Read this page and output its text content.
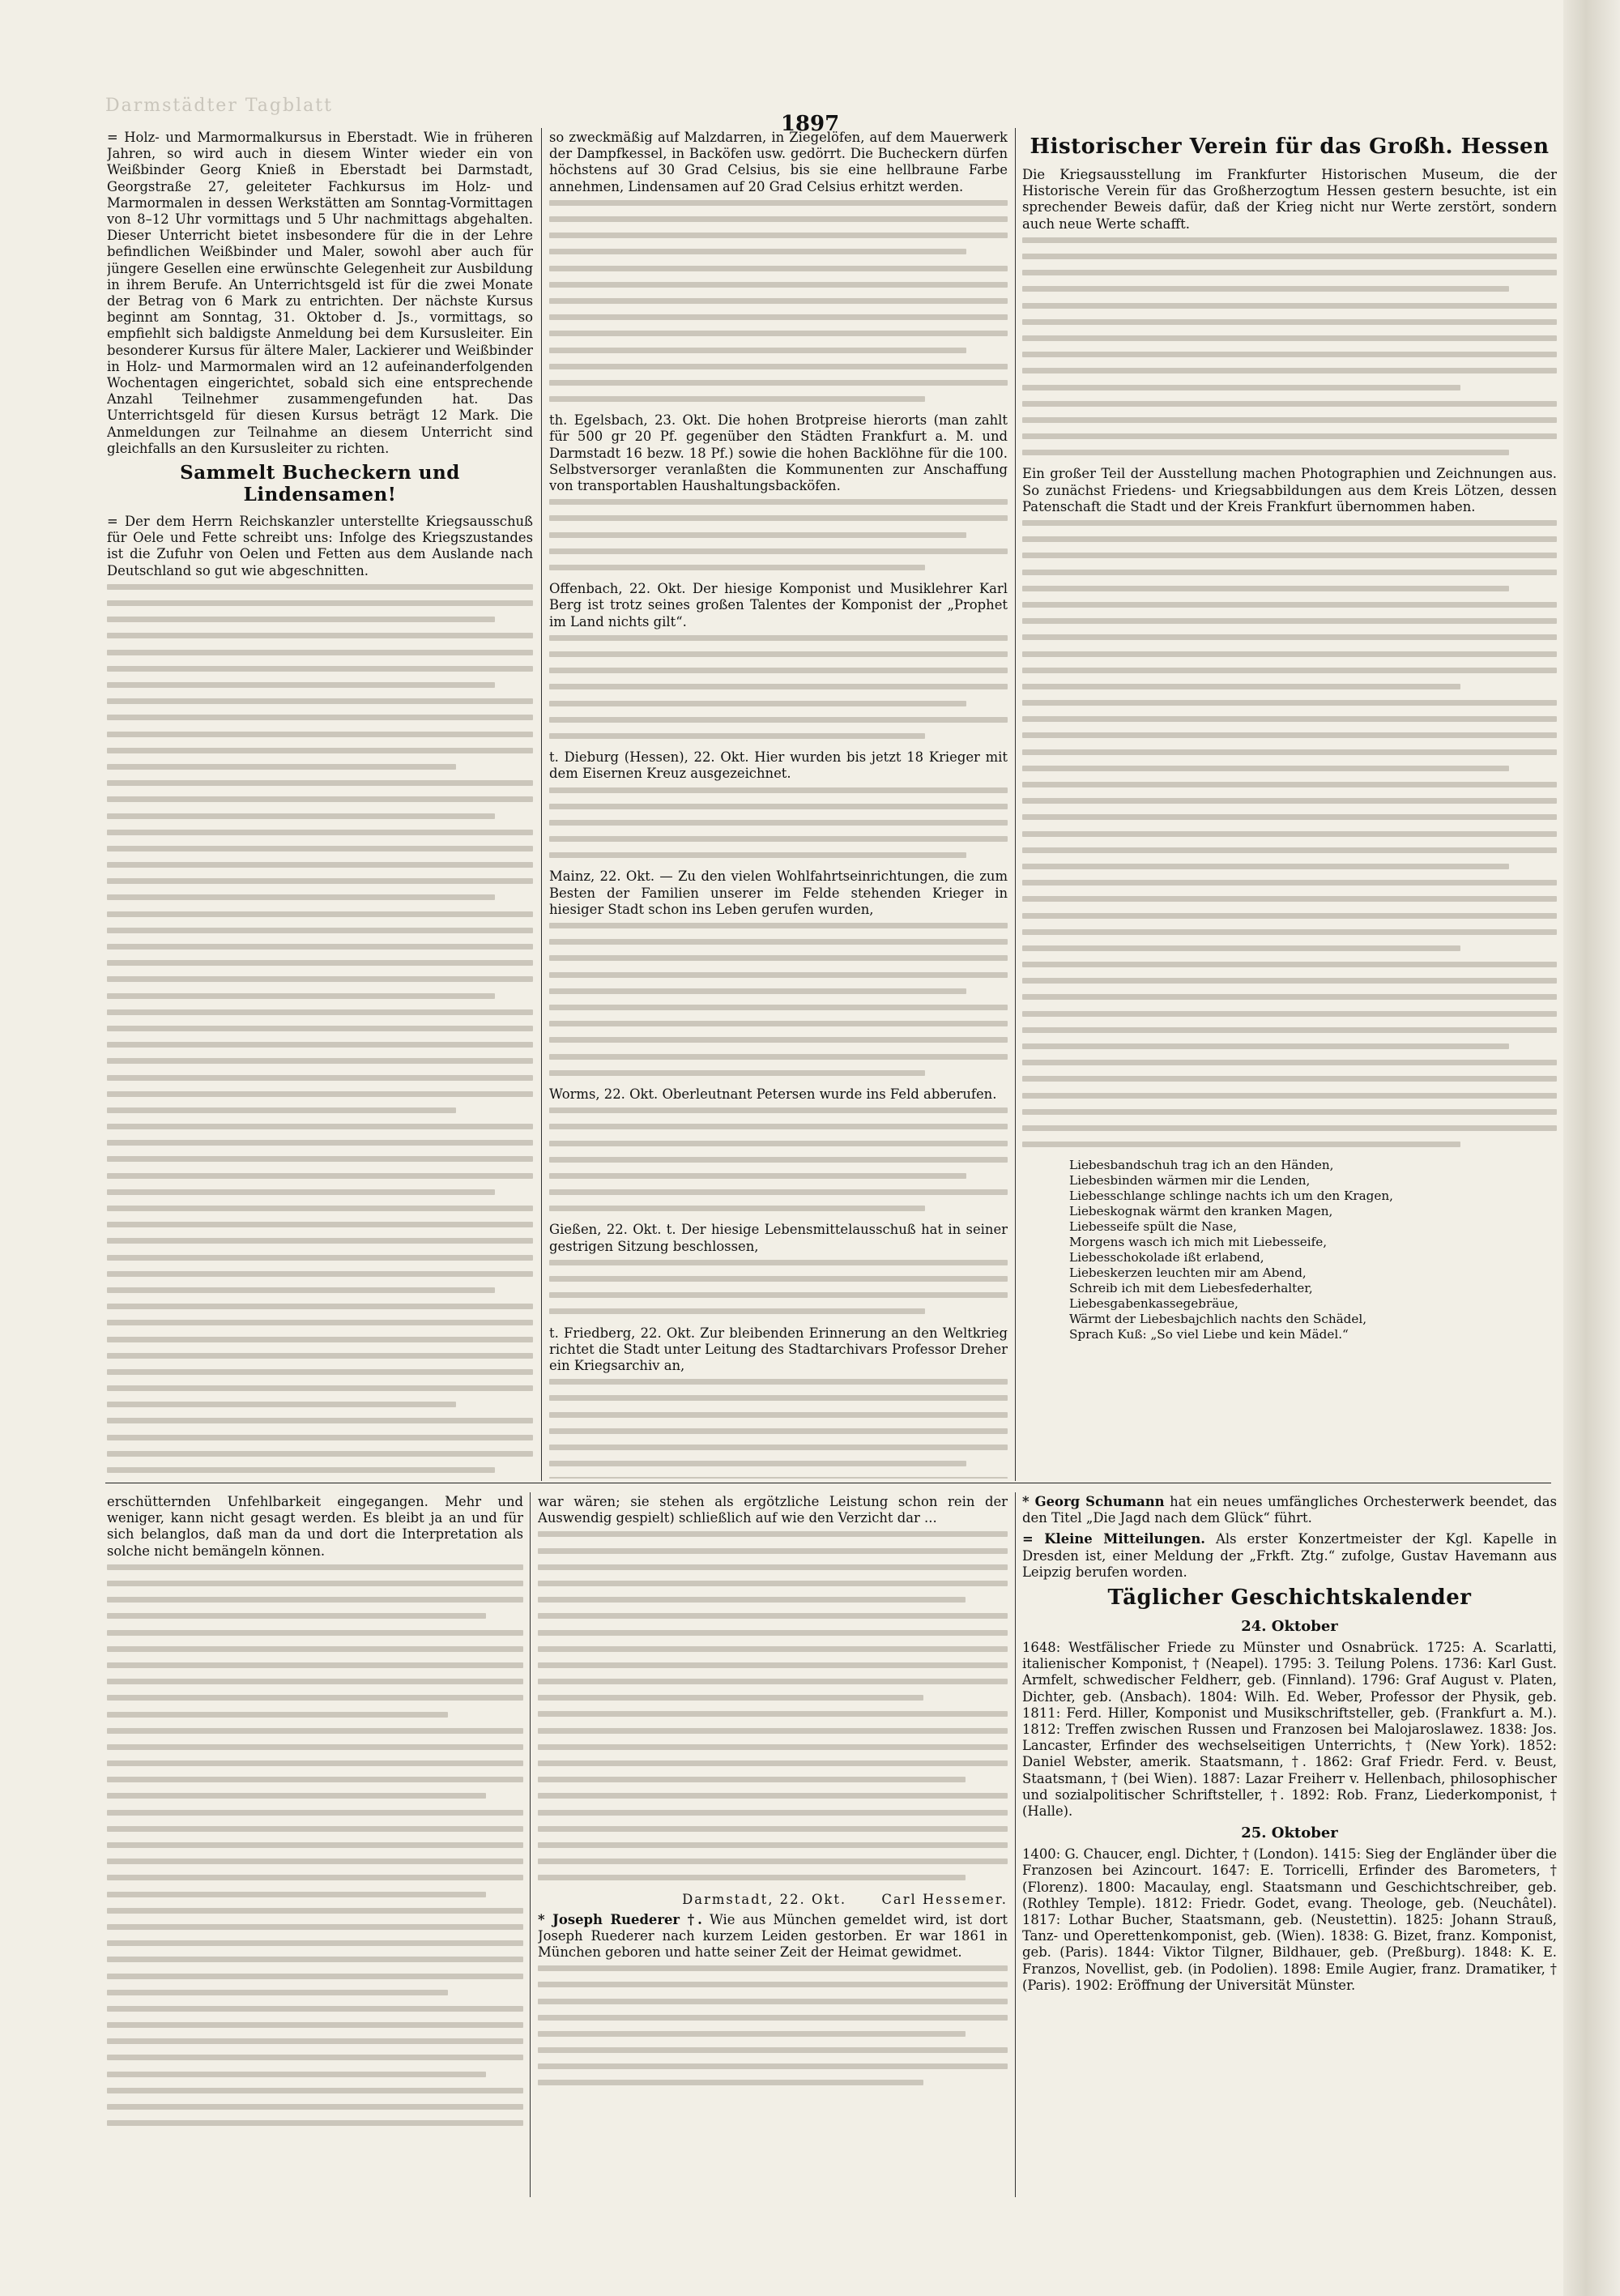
Darmstädter Tagblatt
1897

= Holz- und Marmormalkursus in Eberstadt. Wie in früheren Jahren, so wird auch in diesem Winter wieder ein von Weißbinder Georg Knieß in Eberstadt bei Darmstadt, Georgstraße 27, geleiteter Fachkursus im Holz- und Marmormalen in dessen Werkstätten am Sonntag-Vormittagen von 8–12 Uhr vormittags und 5 Uhr nachmittags abgehalten. Dieser Unterricht bietet insbesondere für die in der Lehre befindlichen Weißbinder und Maler, sowohl aber auch für jüngere Gesellen eine erwünschte Gelegenheit zur Ausbildung in ihrem Berufe. An Unterrichtsgeld ist für die zwei Monate der Betrag von 6 Mark zu entrichten. Der nächste Kursus beginnt am Sonntag, 31. Oktober d. Js., vormittags, so empfiehlt sich baldigste Anmeldung bei dem Kursusleiter. Ein besonderer Kursus für ältere Maler, Lackierer und Weißbinder in Holz- und Marmormalen wird an 12 aufeinanderfolgenden Wochentagen eingerichtet, sobald sich eine entsprechende Anzahl Teilnehmer zusammengefunden hat. Das Unterrichtsgeld für diesen Kursus beträgt 12 Mark. Die Anmeldungen zur Teilnahme an diesem Unterricht sind gleichfalls an den Kursusleiter zu richten.

Sammelt Bucheckern und Lindensamen!

= Der dem Herrn Reichskanzler unterstellte Kriegsausschuß für Oele und Fette schreibt uns: Infolge des Kriegszustandes ist die Zufuhr von Oelen und Fetten aus dem Auslande nach Deutschland so gut wie abgeschnitten.

so zweckmäßig auf Malzdarren, in Ziegelöfen, auf dem Mauerwerk der Dampfkessel, in Backöfen usw. gedörrt. Die Bucheckern dürfen höchstens auf 30 Grad Celsius, bis sie eine hellbraune Farbe annehmen, Lindensamen auf 20 Grad Celsius erhitzt werden.

th. Egelsbach, 23. Okt. Die hohen Brotpreise hierorts (man zahlt für 500 gr 20 Pf. gegenüber den Städten Frankfurt a. M. und Darmstadt 16 bezw. 18 Pf.) sowie die hohen Backlöhne für die 100. Selbstversorger veranlaßten die Kommunenten zur Anschaffung von transportablen Haushaltungsbacköfen.

Offenbach, 22. Okt. Der hiesige Komponist und Musiklehrer Karl Berg ist trotz seines großen Talentes der Komponist der „Prophet im Land nichts gilt“.

t. Dieburg (Hessen), 22. Okt. Hier wurden bis jetzt 18 Krieger mit dem Eisernen Kreuz ausgezeichnet.

Mainz, 22. Okt. — Zu den vielen Wohlfahrtseinrichtungen, die zum Besten der Familien unserer im Felde stehenden Krieger in hiesiger Stadt schon ins Leben gerufen wurden,

Worms, 22. Okt. Oberleutnant Petersen wurde ins Feld abberufen.

Gießen, 22. Okt. t. Der hiesige Lebensmittelausschuß hat in seiner gestrigen Sitzung beschlossen,

t. Friedberg, 22. Okt. Zur bleibenden Erinnerung an den Weltkrieg richtet die Stadt unter Leitung des Stadtarchivars Professor Dreher ein Kriegsarchiv an,

Historischer Verein für das Großh. Hessen

Die Kriegsausstellung im Frankfurter Historischen Museum, die der Historische Verein für das Großherzogtum Hessen gestern besuchte, ist ein sprechender Beweis dafür, daß der Krieg nicht nur Werte zerstört, sondern auch neue Werte schafft.

Ein großer Teil der Ausstellung machen Photographien und Zeichnungen aus. So zunächst Friedens- und Kriegsabbildungen aus dem Kreis Lötzen, dessen Patenschaft die Stadt und der Kreis Frankfurt übernommen haben.

Liebesbandschuh trag ich an den Händen,
Liebesbinden wärmen mir die Lenden,
Liebesschlange schlinge nachts ich um den Kragen,
Liebeskognak wärmt den kranken Magen,
Liebesseife spült die Nase,
Morgens wasch ich mich mit Liebesseife,
Liebesschokolade ißt erlabend,
Liebeskerzen leuchten mir am Abend,
Schreib ich mit dem Liebesfederhalter,
Liebesgabenkassegebräue,
Wärmt der Liebesbajchlich nachts den Schädel,
Sprach Kuß: „So viel Liebe und kein Mädel.“

erschütternden Unfehlbarkeit eingegangen. Mehr und weniger, kann nicht gesagt werden. Es bleibt ja an und für sich belanglos, daß man da und dort die Interpretation als solche nicht bemängeln können.

war wären; sie stehen als ergötzliche Leistung schon rein der Auswendig gespielt) schließlich auf wie den Verzicht dar ...

Darmstadt, 22. Okt.	Carl Hessemer.

* Joseph Ruederer †. Wie aus München gemeldet wird, ist dort Joseph Ruederer nach kurzem Leiden gestorben. Er war 1861 in München geboren und hatte seiner Zeit der Heimat gewidmet.

* Georg Schumann hat ein neues umfängliches Orchesterwerk beendet, das den Titel „Die Jagd nach dem Glück“ führt.

= Kleine Mitteilungen. Als erster Konzertmeister der Kgl. Kapelle in Dresden ist, einer Meldung der „Frkft. Ztg.“ zufolge, Gustav Havemann aus Leipzig berufen worden.

Täglicher Geschichtskalender
24. Oktober

1648: Westfälischer Friede zu Münster und Osnabrück. 1725: A. Scarlatti, italienischer Komponist, † (Neapel). 1795: 3. Teilung Polens. 1736: Karl Gust. Armfelt, schwedischer Feldherr, geb. (Finnland). 1796: Graf August v. Platen, Dichter, geb. (Ansbach). 1804: Wilh. Ed. Weber, Professor der Physik, geb. 1811: Ferd. Hiller, Komponist und Musikschriftsteller, geb. (Frankfurt a. M.). 1812: Treffen zwischen Russen und Franzosen bei Malojaroslawez. 1838: Jos. Lancaster, Erfinder des wechselseitigen Unterrichts, † (New York). 1852: Daniel Webster, amerik. Staatsmann, †. 1862: Graf Friedr. Ferd. v. Beust, Staatsmann, † (bei Wien). 1887: Lazar Freiherr v. Hellenbach, philosophischer und sozialpolitischer Schriftsteller, †. 1892: Rob. Franz, Liederkomponist, † (Halle).

25. Oktober

1400: G. Chaucer, engl. Dichter, † (London). 1415: Sieg der Engländer über die Franzosen bei Azincourt. 1647: E. Torricelli, Erfinder des Barometers, † (Florenz). 1800: Macaulay, engl. Staatsmann und Geschichtschreiber, geb. (Rothley Temple). 1812: Friedr. Godet, evang. Theologe, geb. (Neuchâtel). 1817: Lothar Bucher, Staatsmann, geb. (Neustettin). 1825: Johann Strauß, Tanz- und Operettenkomponist, geb. (Wien). 1838: G. Bizet, franz. Komponist, geb. (Paris). 1844: Viktor Tilgner, Bildhauer, geb. (Preßburg). 1848: K. E. Franzos, Novellist, geb. (in Podolien). 1898: Emile Augier, franz. Dramatiker, † (Paris). 1902: Eröffnung der Universität Münster.
